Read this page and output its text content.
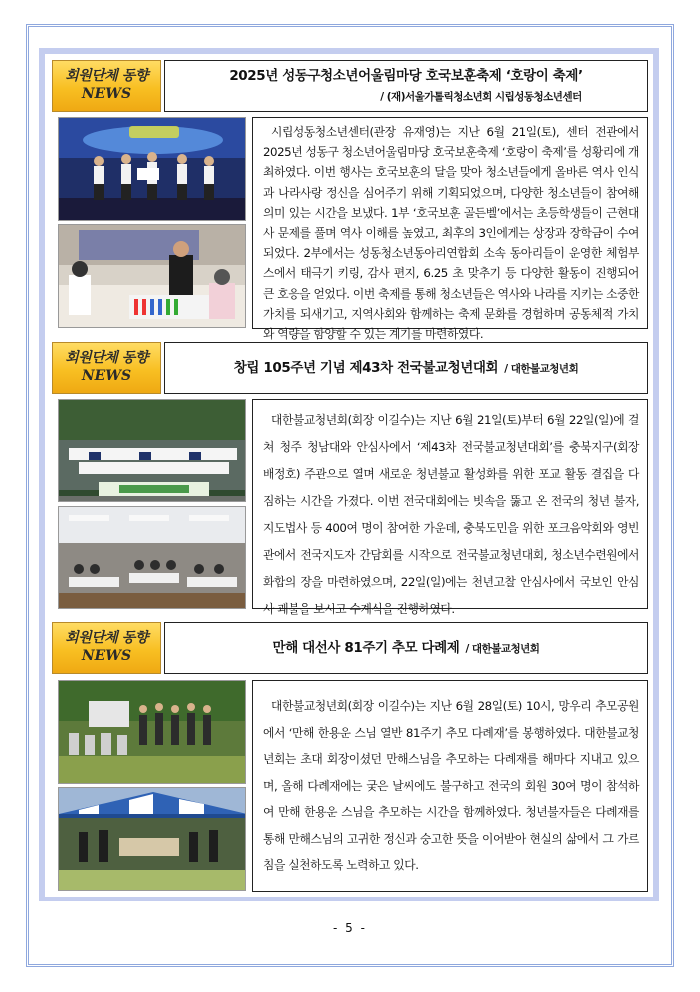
회원단체 동향
NEWS
2025년 성동구청소년어울림마당 호국보훈축제 ‘호랑이 축제’
/ (재)서울가톨릭청소년회 시립성동청소년센터

시립성동청소년센터(관장 유재영)는 지난 6월 21일(토), 센터 전관에서 2025년 성동구 청소년어울림마당 호국보훈축제 ‘호랑이 축제’를 성황리에 개최하였다. 이번 행사는 호국보훈의 달을 맞아 청소년들에게 올바른 역사 인식과 나라사랑 정신을 심어주기 위해 기획되었으며, 다양한 청소년들이 참여해 의미 있는 시간을 보냈다. 1부 ‘호국보훈 골든벨’에서는 초등학생들이 근현대사 문제를 풀며 역사 이해를 높였고, 최후의 3인에게는 상장과 장학금이 수여되었다. 2부에서는 성동청소년동아리연합회 소속 동아리들이 운영한 체험부스에서 태극기 키링, 감사 편지, 6.25 초 맞추기 등 다양한 활동이 진행되어 큰 호응을 얻었다. 이번 축제를 통해 청소년들은 역사와 나라를 지키는 소중한 가치를 되새기고, 지역사회와 함께하는 축제 문화를 경험하며 공동체적 가치와 역량을 함양할 수 있는 계기를 마련하였다.

회원단체 동향
NEWS	창립 105주년 기념 제43차 전국불교청년대회 / 대한불교청년회

대한불교청년회(회장 이길수)는 지난 6월 21일(토)부터 6월 22일(일)에 걸쳐 청주 청남대와 안심사에서 ‘제43차 전국불교청년대회’를 충북지구(회장 배정호) 주관으로 열며 새로운 청년불교 활성화를 위한 포교 활동 결집을 다짐하는 시간을 가졌다. 이번 전국대회에는 빗속을 뚫고 온 전국의 청년 불자, 지도법사 등 400여 명이 참여한 가운데, 충북도민을 위한 포크음악회와 영빈관에서 전국지도자 간담회를 시작으로 전국불교청년대회, 청소년수련원에서 화합의 장을 마련하였으며, 22일(일)에는 천년고찰 안심사에서 국보인 안심사 괘불을 보시고 수계식을 진행하였다.

회원단체 동향
NEWS	만해 대선사 81주기 추모 다례제 / 대한불교청년회

대한불교청년회(회장 이길수)는 지난 6월 28일(토) 10시, 망우리 추모공원에서 ‘만해 한용운 스님 열반 81주기 추모 다례재’를 봉행하였다. 대한불교청년회는 초대 회장이셨던 만해스님을 추모하는 다례재를 해마다 지내고 있으며, 올해 다례재에는 궂은 날씨에도 불구하고 전국의 회원 30여 명이 참석하여 만해 한용운 스님을 추모하는 시간을 함께하였다. 청년불자들은 다례재를 통해 만해스님의 고귀한 정신과 숭고한 뜻을 이어받아 현실의 삶에서 그 가르침을 실천하도록 노력하고 있다.

- 5 -
